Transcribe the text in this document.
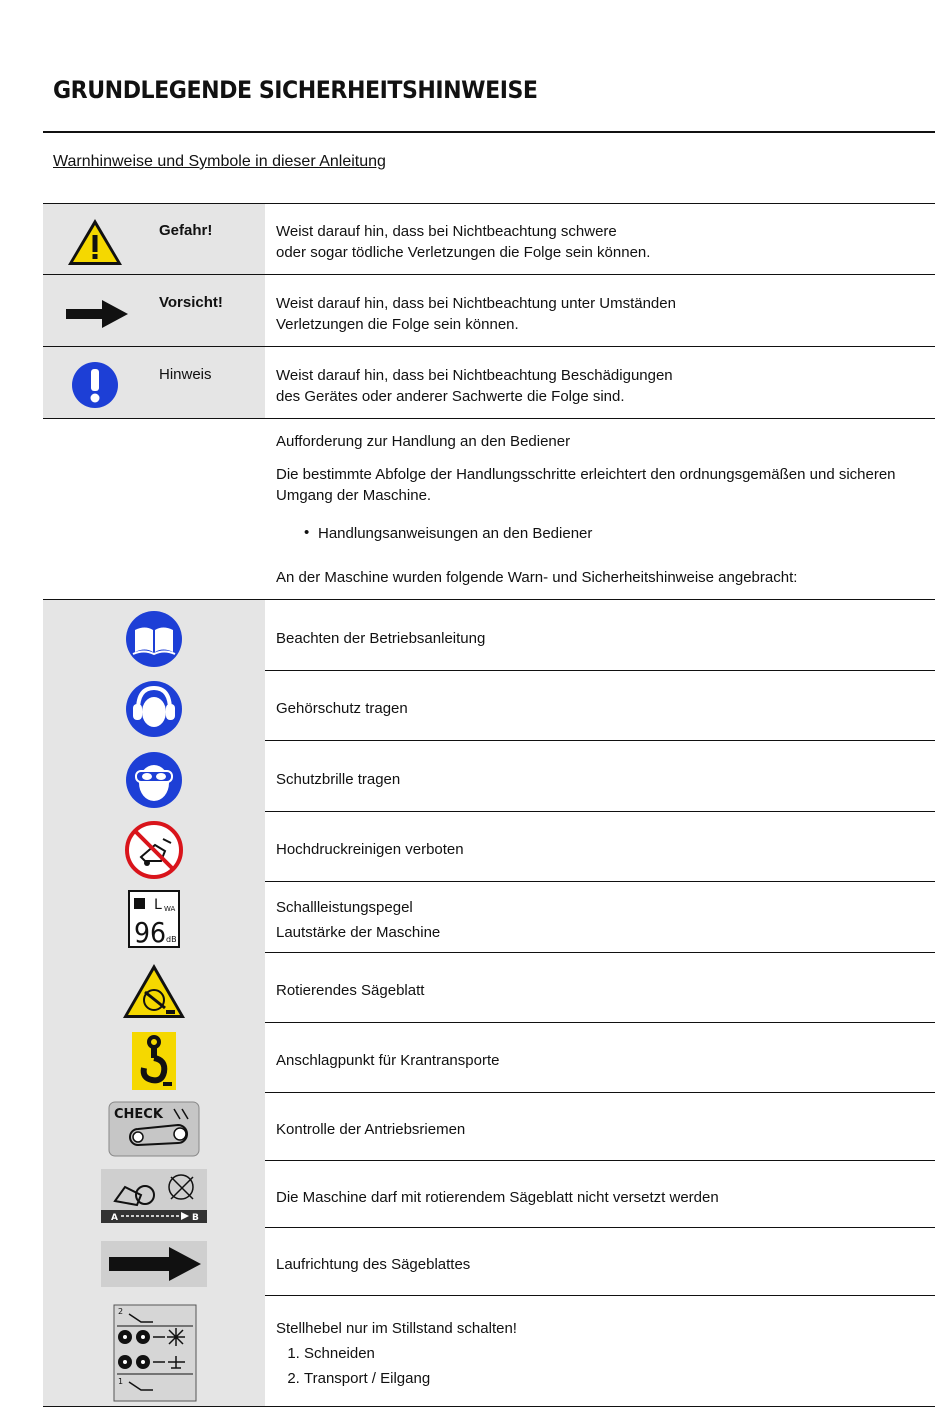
GRUNDLEGENDE SICHERHEITSHINWEISE
Warnhinweise und Symbole in dieser Anleitung
Gefahr!	Weist darauf hin, dass bei Nichtbeachtung schwere
oder sogar tödliche Verletzungen die Folge sein können.
Vorsicht!	Weist darauf hin, dass bei Nichtbeachtung unter Umständen
Verletzungen die Folge sein können.
Hinweis	Weist darauf hin, dass bei Nichtbeachtung Beschädigungen
des Gerätes oder anderer Sachwerte die Folge sind.
Aufforderung zur Handlung an den Bediener
Die bestimmte Abfolge der Handlungsschritte erleichtert den ordnungsgemäßen und sicheren Umgang der Maschine.
• Handlungsanweisungen an den Bediener
An der Maschine wurden folgende Warn- und Sicherheitshinweise angebracht:
Beachten der Betriebsanleitung
Gehörschutz tragen
Schutzbrille tragen
Hochdruckreinigen verboten
L WA
96 dB
Schallleistungspegel
Lautstärke der Maschine
Rotierendes Sägeblatt
Anschlagpunkt für Krantransporte
CHECK
Kontrolle der Antriebsriemen
A	B
Die Maschine darf mit rotierendem Sägeblatt nicht versetzt werden
Laufrichtung des Sägeblattes
2
1
Stellhebel nur im Stillstand schalten!
1. Schneiden
2. Transport / Eilgang
